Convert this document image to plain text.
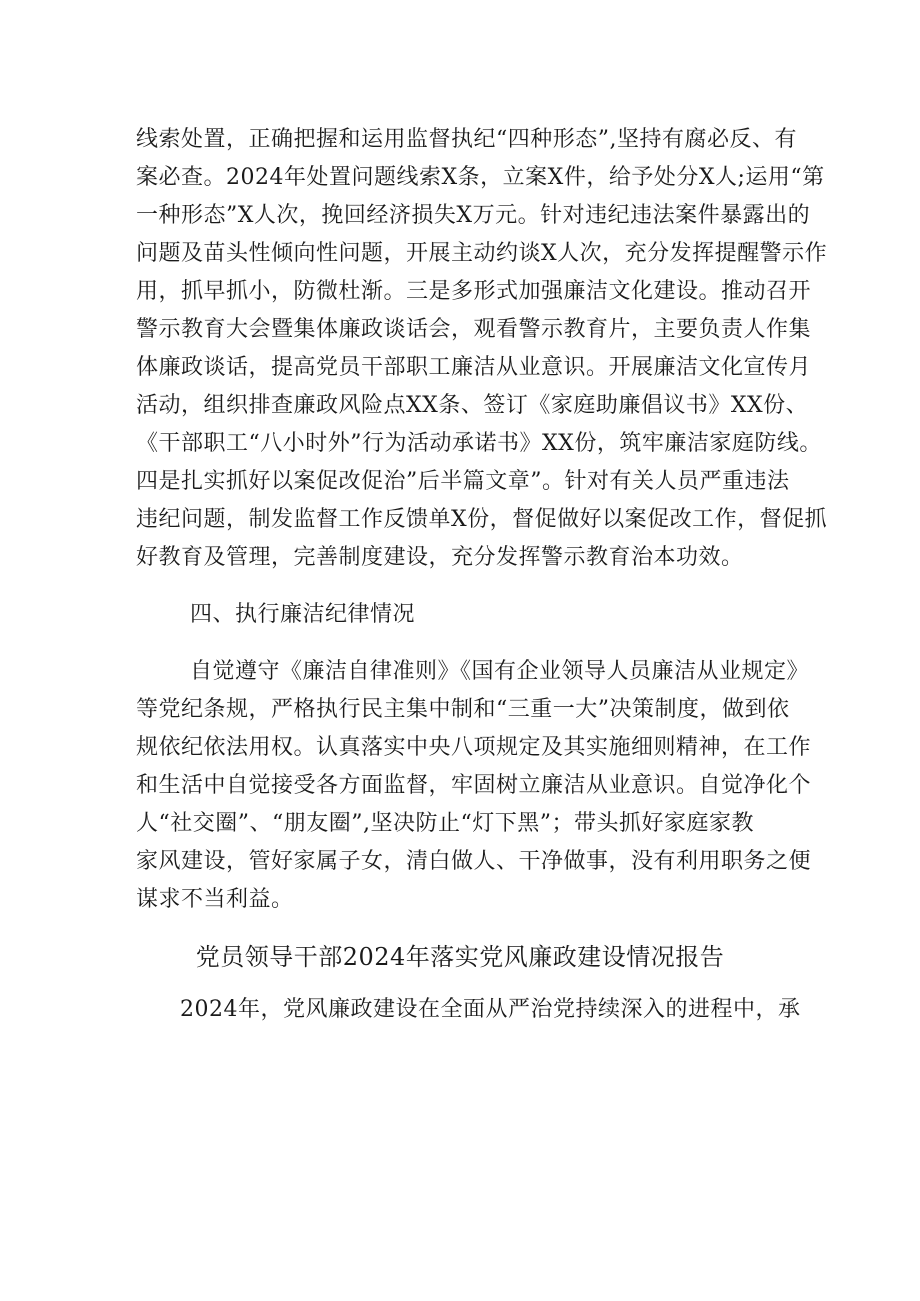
线索处置，正确把握和运用监督执纪“四种形态”,坚持有腐必反、有
案必查。2024年处置问题线索X条，立案X件，给予处分X人;运用“第
一种形态”X人次，挽回经济损失X万元。针对违纪违法案件暴露出的
问题及苗头性倾向性问题，开展主动约谈X人次，充分发挥提醒警示作
用，抓早抓小，防微杜渐。三是多形式加强廉洁文化建设。推动召开
警示教育大会暨集体廉政谈话会，观看警示教育片，主要负责人作集
体廉政谈话，提高党员干部职工廉洁从业意识。开展廉洁文化宣传月
活动，组织排查廉政风险点XX条、签订《家庭助廉倡议书》XX份、
《干部职工“八小时外”行为活动承诺书》XX份，筑牢廉洁家庭防线。
四是扎实抓好以案促改促治”后半篇文章”。针对有关人员严重违法
违纪问题，制发监督工作反馈单X份，督促做好以案促改工作，督促抓
好教育及管理，完善制度建设，充分发挥警示教育治本功效。
四、执行廉洁纪律情况
自觉遵守《廉洁自律准则》《国有企业领导人员廉洁从业规定》
等党纪条规，严格执行民主集中制和“三重一大”决策制度，做到依
规依纪依法用权。认真落实中央八项规定及其实施细则精神，在工作
和生活中自觉接受各方面监督，牢固树立廉洁从业意识。自觉净化个
人“社交圈”、“朋友圈”,坚决防止“灯下黑”；带头抓好家庭家教
家风建设，管好家属子女，清白做人、干净做事，没有利用职务之便
谋求不当利益。
党员领导干部2024年落实党风廉政建设情况报告
2024年，党风廉政建设在全面从严治党持续深入的进程中，承
